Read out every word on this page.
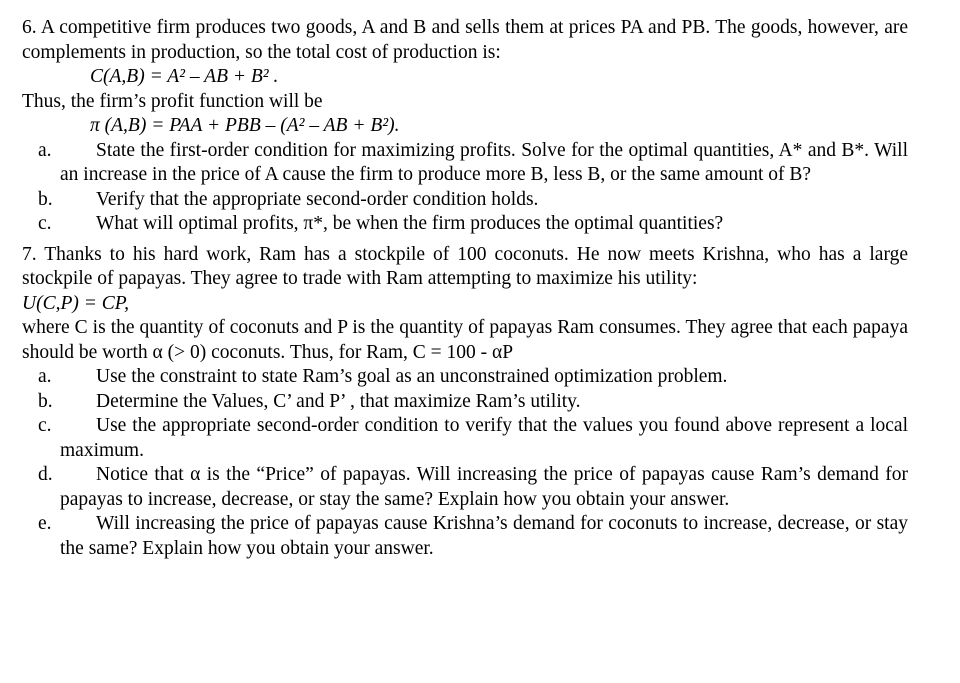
6. A competitive firm produces two goods, A and B and sells them at prices PA and PB. The goods, however, are complements in production, so the total cost of production is:

C(A,B) = A² – AB + B² .

Thus, the firm’s profit function will be

π (A,B) = PAA + PBB – (A² – AB + B²).

a.	State the first-order condition for maximizing profits. Solve for the optimal quantities, A* and B*. Will an increase in the price of A cause the firm to produce more B, less B, or the same amount of B?
b.	Verify that the appropriate second-order condition holds.
c.	What will optimal profits, π*, be when the firm produces the optimal quantities?

7. Thanks to his hard work, Ram has a stockpile of 100 coconuts. He now meets Krishna, who has a large stockpile of papayas. They agree to trade with Ram attempting to maximize his utility:

U(C,P) = CP,

where C is the quantity of coconuts and P is the quantity of papayas Ram consumes. They agree that each papaya should be worth α (> 0) coconuts. Thus, for Ram, C = 100 - αP

a.	Use the constraint to state Ram’s goal as an unconstrained optimization problem.
b.	Determine the Values, C’ and P’ , that maximize Ram’s utility.
c.	Use the appropriate second-order condition to verify that the values you found above represent a local maximum.
d.	Notice that α is the “Price” of papayas. Will increasing the price of papayas cause Ram’s demand for papayas to increase, decrease, or stay the same? Explain how you obtain your answer.
e.	Will increasing the price of papayas cause Krishna’s demand for coconuts to increase, decrease, or stay the same? Explain how you obtain your answer.
